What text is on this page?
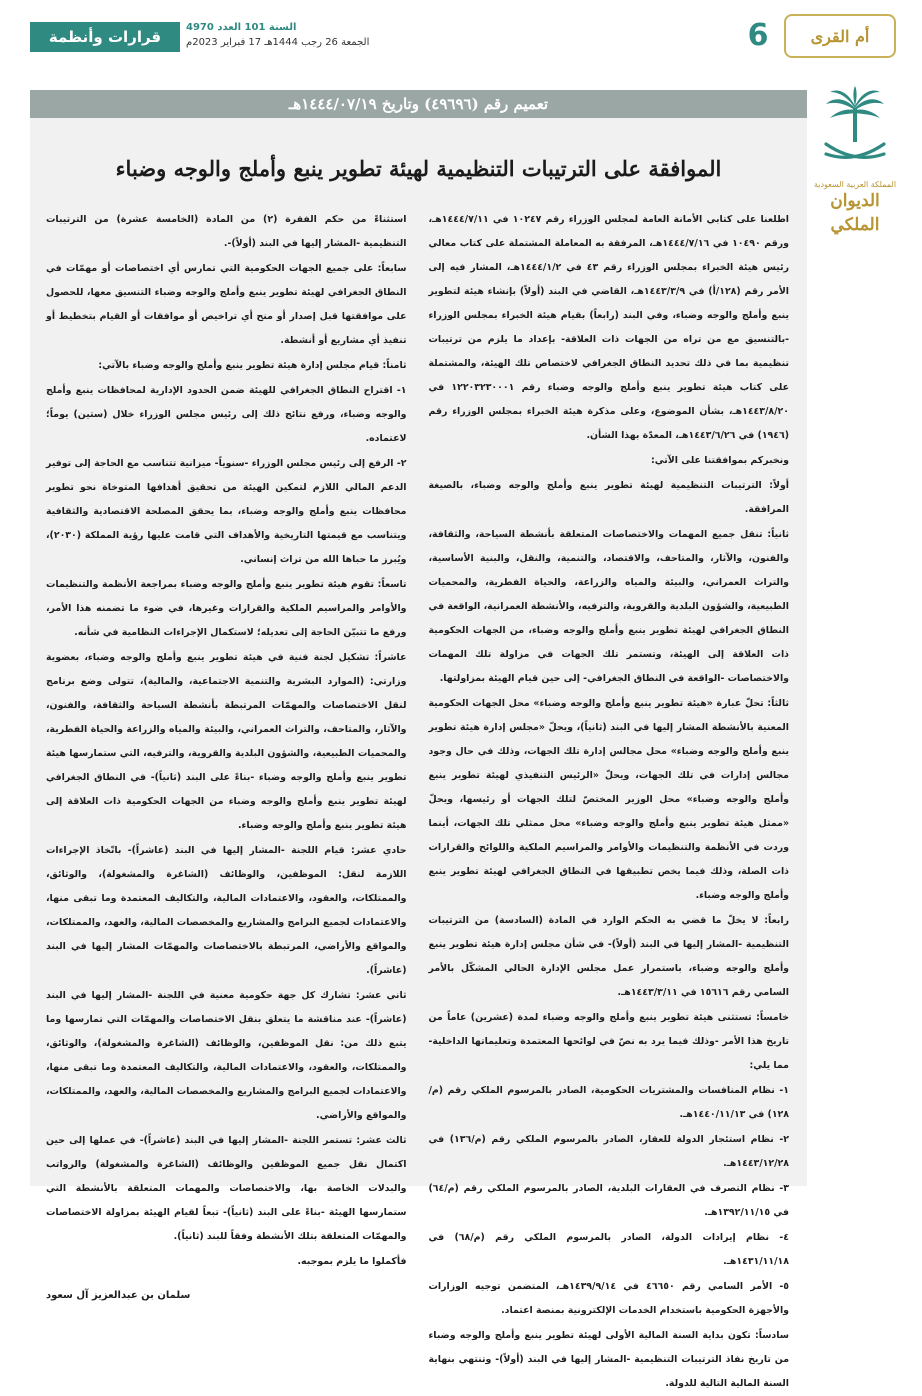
قرارات وأنظمة
السنة 101 العدد 4970
الجمعة 26 رجب 1444هـ 17 فبراير 2023م	6	أم القرى
المملكة العربية السعودية
الديوان الملكي
تعميم رقم (٤٩٦٩٦) وتاريخ ١٤٤٤/٠٧/١٩هـ
الموافقة على الترتيبات التنظيمية لهيئة تطوير ينبع وأملج والوجه وضباء

اطلعنا على كتابي الأمانة العامة لمجلس الوزراء رقم ١٠٢٤٧ في ١٤٤٤/٧/١١هـ، ورقم ١٠٤٩٠ في ١٤٤٤/٧/١٦هـ، المرفقة به المعاملة المشتملة على كتاب معالي رئيس هيئة الخبراء بمجلس الوزراء رقم ٤٣ في ١٤٤٤/١/٢هـ، المشار فيه إلى الأمر رقم (١٢٨/أ) في ١٤٤٣/٣/٩هـ، القاضي في البند (أولاً) بإنشاء هيئة لتطوير ينبع وأملج والوجه وضباء، وفي البند (رابعاً) بقيام هيئة الخبراء بمجلس الوزراء -بالتنسيق مع من تراه من الجهات ذات العلاقة- بإعداد ما يلزم من ترتيبات تنظيمية بما في ذلك تحديد النطاق الجغرافي لاختصاص تلك الهيئة، والمشتملة على كتاب هيئة تطوير ينبع وأملج والوجه وضباء رقم ١٢٢٠٣٢٣٠٠٠١ في ١٤٤٣/٨/٢٠هـ، بشأن الموضوع، وعلى مذكرة هيئة الخبراء بمجلس الوزراء رقم (١٩٤٦) في ١٤٤٣/٦/٢٦هـ، المعدّة بهذا الشأن.

ونخبركم بموافقتنا على الآتي:

أولاً: الترتيبات التنظيمية لهيئة تطوير ينبع وأملج والوجه وضباء، بالصيغة المرافقة.

ثانياً: تنقل جميع المهمات والاختصاصات المتعلقة بأنشطة السياحة، والثقافة، والفنون، والآثار، والمتاحف، والاقتصاد، والتنمية، والنقل، والبنية الأساسية، والتراث العمراني، والبيئة والمياه والزراعة، والحياة الفطرية، والمحميات الطبيعية، والشؤون البلدية والقروية، والترفيه، والأنشطة العمرانية، الواقعة في النطاق الجغرافي لهيئة تطوير ينبع وأملج والوجه وضباء، من الجهات الحكومية ذات العلاقة إلى الهيئة، وتستمر تلك الجهات في مزاولة تلك المهمات والاختصاصات -الواقعة في النطاق الجغرافي- إلى حين قيام الهيئة بمزاولتها.

ثالثاً: تحلّ عبارة «هيئة تطوير ينبع وأملج والوجه وضباء» محل الجهات الحكومية المعنية بالأنشطة المشار إليها في البند (ثانياً)، ويحلّ «مجلس إدارة هيئة تطوير ينبع وأملج والوجه وضباء» محل مجالس إدارة تلك الجهات، وذلك في حال وجود مجالس إدارات في تلك الجهات، ويحلّ «الرئيس التنفيذي لهيئة تطوير ينبع وأملج والوجه وضباء» محل الوزير المختصّ لتلك الجهات أو رئيسها، ويحلّ «ممثل هيئة تطوير ينبع وأملج والوجه وضباء» محل ممثلي تلك الجهات، أينما وردت في الأنظمة والتنظيمات والأوامر والمراسيم الملكية واللوائح والقرارات ذات الصلة، وذلك فيما يخص تطبيقها في النطاق الجغرافي لهيئة تطوير ينبع وأملج والوجه وضباء.

رابعاً: لا يخلّ ما قضي به الحكم الوارد في المادة (السادسة) من الترتيبات التنظيمية -المشار إليها في البند (أولاً)- في شأن مجلس إدارة هيئة تطوير ينبع وأملج والوجه وضباء، باستمرار عمل مجلس الإدارة الحالي المشكّل بالأمر السامي رقم ١٥٦١٦ في ١٤٤٣/٣/١١هـ.

خامساً: تستثنى هيئة تطوير ينبع وأملج والوجه وضباء لمدة (عشرين) عاماً من تاريخ هذا الأمر -وذلك فيما يرد به نصّ في لوائحها المعتمدة وتعليماتها الداخلية- مما يلي:

١- نظام المنافسات والمشتريات الحكومية، الصادر بالمرسوم الملكي رقم (م/١٢٨) في ١٤٤٠/١١/١٣هـ.

٢- نظام استئجار الدولة للعقار، الصادر بالمرسوم الملكي رقم (م/١٣٦) في ١٤٤٣/١٢/٢٨هـ.

٣- نظام التصرف في العقارات البلدية، الصادر بالمرسوم الملكي رقم (م/٦٤) في ١٣٩٢/١١/١٥هـ.

٤- نظام إيرادات الدولة، الصادر بالمرسوم الملكي رقم (م/٦٨) في ١٤٣١/١١/١٨هـ.

٥- الأمر السامي رقم ٤٦٦٥٠ في ١٤٣٩/٩/١٤هـ، المتضمن توجيه الوزارات والأجهزة الحكومية باستخدام الخدمات الإلكترونية بمنصة اعتماد.

سادساً: تكون بداية السنة المالية الأولى لهيئة تطوير ينبع وأملج والوجه وضباء من تاريخ نفاذ الترتيبات التنظيمية -المشار إليها في البند (أولاً)- وتنتهي بنهاية السنة المالية التالية للدولة.

استثناءً من حكم الفقرة (٢) من المادة (الخامسة عشرة) من الترتيبات التنظيمية -المشار إليها في البند (أولاً)-.

سابعاً: على جميع الجهات الحكومية التي تمارس أي اختصاصات أو مهمّات في النطاق الجغرافي لهيئة تطوير ينبع وأملج والوجه وضباء التنسيق معها، للحصول على موافقتها قبل إصدار أو منح أي تراخيص أو موافقات أو القيام بتخطيط أو تنفيذ أي مشاريع أو أنشطة.

ثامناً: قيام مجلس إدارة هيئة تطوير ينبع وأملج والوجه وضباء بالآتي:

١- اقتراح النطاق الجغرافي للهيئة ضمن الحدود الإدارية لمحافظات ينبع وأملج والوجه وضباء، ورفع نتائج ذلك إلى رئيس مجلس الوزراء خلال (ستين) يوماً؛ لاعتماده.

٢- الرفع إلى رئيس مجلس الوزراء -سنوياً- ميزانية تتناسب مع الحاجة إلى توفير الدعم المالي اللازم لتمكين الهيئة من تحقيق أهدافها المتوخاة نحو تطوير محافظات ينبع وأملج والوجه وضباء، بما يحقق المصلحة الاقتصادية والثقافية ويتناسب مع قيمتها التاريخية والأهداف التي قامت عليها رؤية المملكة (٢٠٣٠)، ويُبرز ما حباها الله من تراث إنساني.

تاسعاً: تقوم هيئة تطوير ينبع وأملج والوجه وضباء بمراجعة الأنظمة والتنظيمات والأوامر والمراسيم الملكية والقرارات وغيرها، في ضوء ما تضمنه هذا الأمر، ورفع ما تتبيّن الحاجة إلى تعديله؛ لاستكمال الإجراءات النظامية في شأنه.

عاشراً: تشكيل لجنة فنية في هيئة تطوير ينبع وأملج والوجه وضباء، بعضوية وزارتي: (الموارد البشرية والتنمية الاجتماعية، والمالية)، تتولى وضع برنامج لنقل الاختصاصات والمهمّات المرتبطة بأنشطة السياحة والثقافة، والفنون، والآثار، والمتاحف، والتراث العمراني، والبيئة والمياه والزراعة والحياة الفطرية، والمحميات الطبيعية، والشؤون البلدية والقروية، والترفيه، التي ستمارسها هيئة تطوير ينبع وأملج والوجه وضباء -بناءً على البند (ثانياً)- في النطاق الجغرافي لهيئة تطوير ينبع وأملج والوجه وضباء من الجهات الحكومية ذات العلاقة إلى هيئة تطوير ينبع وأملج والوجه وضباء.

حادي عشر: قيام اللجنة -المشار إليها في البند (عاشراً)- باتّخاذ الإجراءات اللازمة لنقل: الموظفين، والوظائف (الشاغرة والمشغولة)، والوثائق، والممتلكات، والعقود، والاعتمادات المالية، والتكاليف المعتمدة وما تبقى منها، والاعتمادات لجميع البرامج والمشاريع والمخصصات المالية، والعهد، والممتلكات، والمواقع والأراضي، المرتبطة بالاختصاصات والمهمّات المشار إليها في البند (عاشراً).

ثاني عشر: تشارك كل جهة حكومية معنية في اللجنة -المشار إليها في البند (عاشراً)- عند مناقشة ما يتعلق بنقل الاختصاصات والمهمّات التي تمارسها وما يتبع ذلك من: نقل الموظفين، والوظائف (الشاغرة والمشغولة)، والوثائق، والممتلكات، والعقود، والاعتمادات المالية، والتكاليف المعتمدة وما تبقى منها، والاعتمادات لجميع البرامج والمشاريع والمخصصات المالية، والعهد، والممتلكات، والمواقع والأراضي.

ثالث عشر: تستمر اللجنة -المشار إليها في البند (عاشراً)- في عملها إلى حين اكتمال نقل جميع الموظفين والوظائف (الشاغرة والمشغولة) والرواتب والبدلات الخاصة بها، والاختصاصات والمهمات المتعلقة بالأنشطة التي ستمارسها الهيئة -بناءً على البند (ثانياً)- تبعاً لقيام الهيئة بمزاولة الاختصاصات والمهمّات المتعلقة بتلك الأنشطة وفقاً للبند (ثانياً).

فأكملوا ما يلزم بموجبه.

سلمان بن عبدالعزيز آل سعود
